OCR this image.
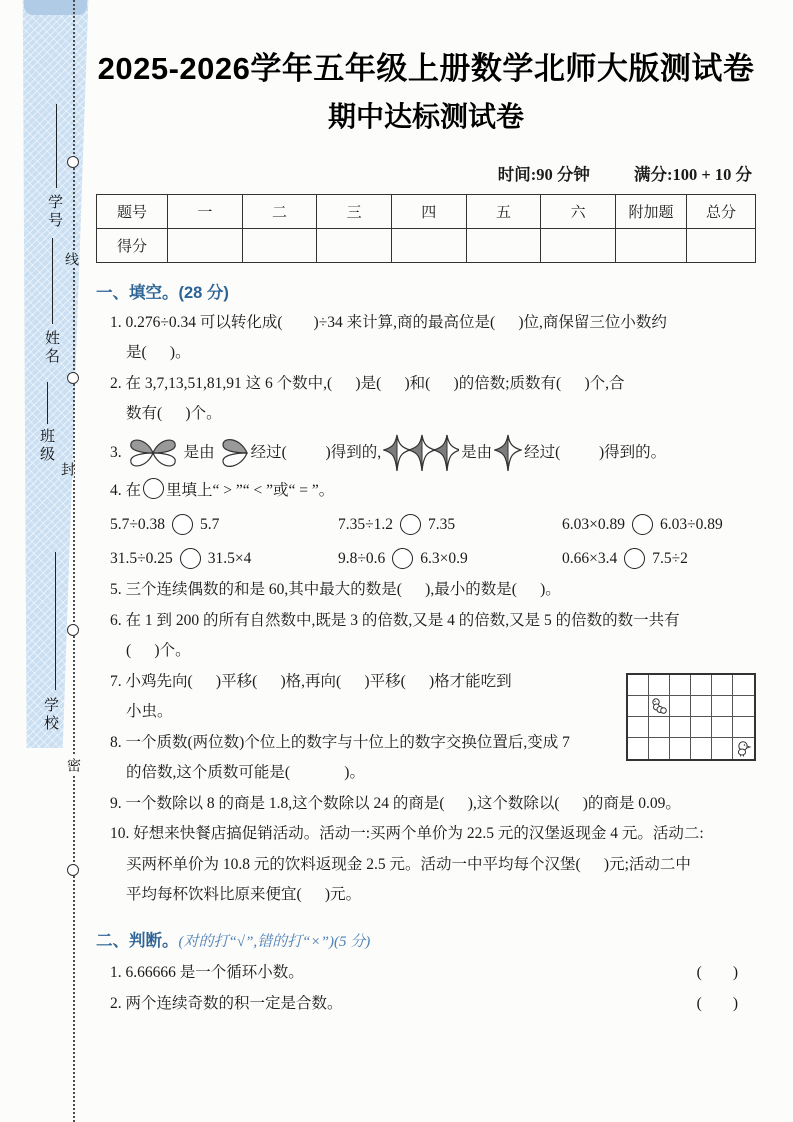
学号
姓名
班级
学校
线
封
密
2025-2026学年五年级上册数学北师大版测试卷
期中达标测试卷
时间:90 分钟	满分:100 + 10 分
题号	一	二	三	四	五	六	附加题	总分
得分								
一、填空。(28 分)
1. 0.276÷0.34 可以转化成(        )÷34 来计算,商的最高位是(      )位,商保留三位小数约
是(      )。
2. 在 3,7,13,51,81,91 这 6 个数中,(      )是(      )和(      )的倍数;质数有(      )个,合
数有(      )个。
3.	是由 经过(          )得到的,	是由 经过(          )得到的。
4. 在 里填上“ > ”“ < ”或“ = ”。
5.7÷0.38 5.7	7.35÷1.2 7.35	6.03×0.89 6.03÷0.89
31.5÷0.25 31.5×4	9.8÷0.6 6.3×0.9	0.66×3.4 7.5÷2
5. 三个连续偶数的和是 60,其中最大的数是(      ),最小的数是(      )。
6. 在 1 到 200 的所有自然数中,既是 3 的倍数,又是 4 的倍数,又是 5 的倍数的数一共有
(      )个。
7. 小鸡先向(      )平移(      )格,再向(      )平移(      )格才能吃到
小虫。
8. 一个质数(两位数)个位上的数字与十位上的数字交换位置后,变成 7
的倍数,这个质数可能是(              )。
9. 一个数除以 8 的商是 1.8,这个数除以 24 的商是(      ),这个数除以(      )的商是 0.09。
10. 好想来快餐店搞促销活动。活动一:买两个单价为 22.5 元的汉堡返现金 4 元。活动二:
买两杯单价为 10.8 元的饮料返现金 2.5 元。活动一中平均每个汉堡(      )元;活动二中
平均每杯饮料比原来便宜(      )元。
二、判断。(对的打“√”,错的打“×”)(5 分)
1. 6.66666 是一个循环小数。	(        )
2. 两个连续奇数的积一定是合数。	(        )
